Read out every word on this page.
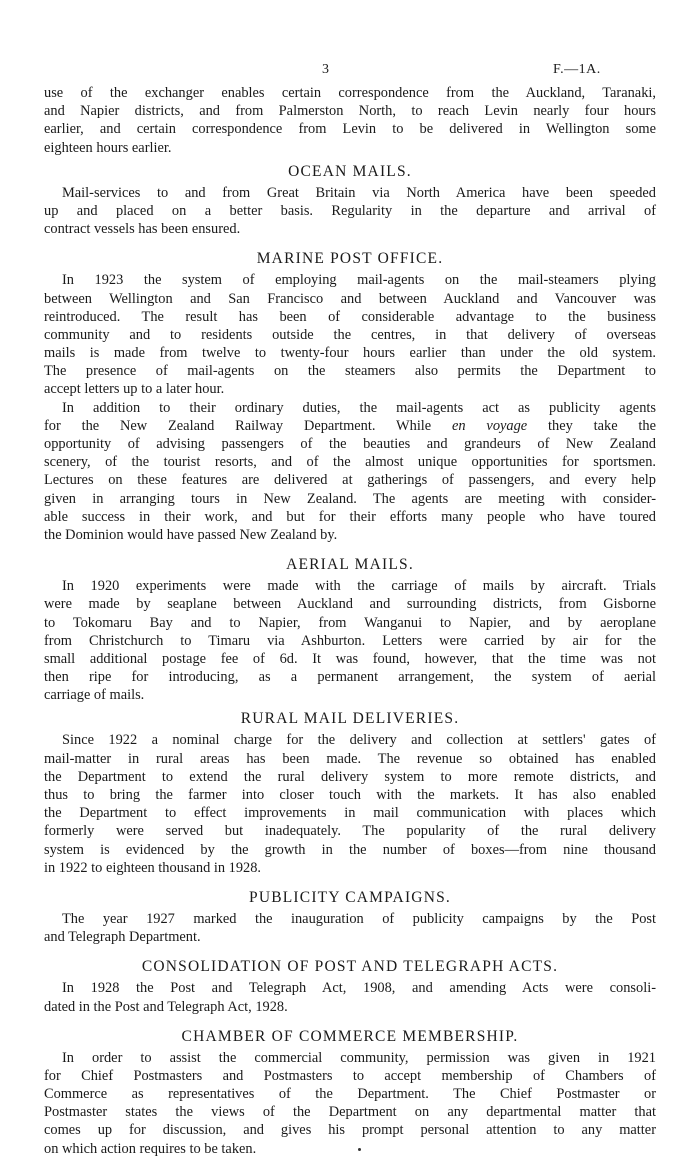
3	F.—1A.
use of the exchanger enables certain correspondence from the Auckland, Taranaki,
and Napier districts, and from Palmerston North, to reach Levin nearly four hours
earlier, and certain correspondence from Levin to be delivered in Wellington some
eighteen hours earlier.
OCEAN MAILS.
Mail-services to and from Great Britain via North America have been speeded
up and placed on a better basis. Regularity in the departure and arrival of
contract vessels has been ensured.
MARINE POST OFFICE.
In 1923 the system of employing mail-agents on the mail-steamers plying
between Wellington and San Francisco and between Auckland and Vancouver was
reintroduced. The result has been of considerable advantage to the business
community and to residents outside the centres, in that delivery of overseas
mails is made from twelve to twenty-four hours earlier than under the old system.
The presence of mail-agents on the steamers also permits the Department to
accept letters up to a later hour.
In addition to their ordinary duties, the mail-agents act as publicity agents
for the New Zealand Railway Department. While en voyage they take the
opportunity of advising passengers of the beauties and grandeurs of New Zealand
scenery, of the tourist resorts, and of the almost unique opportunities for sportsmen.
Lectures on these features are delivered at gatherings of passengers, and every help
given in arranging tours in New Zealand. The agents are meeting with consider-
able success in their work, and but for their efforts many people who have toured
the Dominion would have passed New Zealand by.
AERIAL MAILS.
In 1920 experiments were made with the carriage of mails by aircraft. Trials
were made by seaplane between Auckland and surrounding districts, from Gisborne
to Tokomaru Bay and to Napier, from Wanganui to Napier, and by aeroplane
from Christchurch to Timaru via Ashburton. Letters were carried by air for the
small additional postage fee of 6d. It was found, however, that the time was not
then ripe for introducing, as a permanent arrangement, the system of aerial
carriage of mails.
RURAL MAIL DELIVERIES.
Since 1922 a nominal charge for the delivery and collection at settlers' gates of
mail-matter in rural areas has been made. The revenue so obtained has enabled
the Department to extend the rural delivery system to more remote districts, and
thus to bring the farmer into closer touch with the markets. It has also enabled
the Department to effect improvements in mail communication with places which
formerly were served but inadequately. The popularity of the rural delivery
system is evidenced by the growth in the number of boxes—from nine thousand
in 1922 to eighteen thousand in 1928.
PUBLICITY CAMPAIGNS.
The year 1927 marked the inauguration of publicity campaigns by the Post
and Telegraph Department.
CONSOLIDATION OF POST AND TELEGRAPH ACTS.
In 1928 the Post and Telegraph Act, 1908, and amending Acts were consoli-
dated in the Post and Telegraph Act, 1928.
CHAMBER OF COMMERCE MEMBERSHIP.
In order to assist the commercial community, permission was given in 1921
for Chief Postmasters and Postmasters to accept membership of Chambers of
Commerce as representatives of the Department. The Chief Postmaster or
Postmaster states the views of the Department on any departmental matter that
comes up for discussion, and gives his prompt personal attention to any matter
on which action requires to be taken.
